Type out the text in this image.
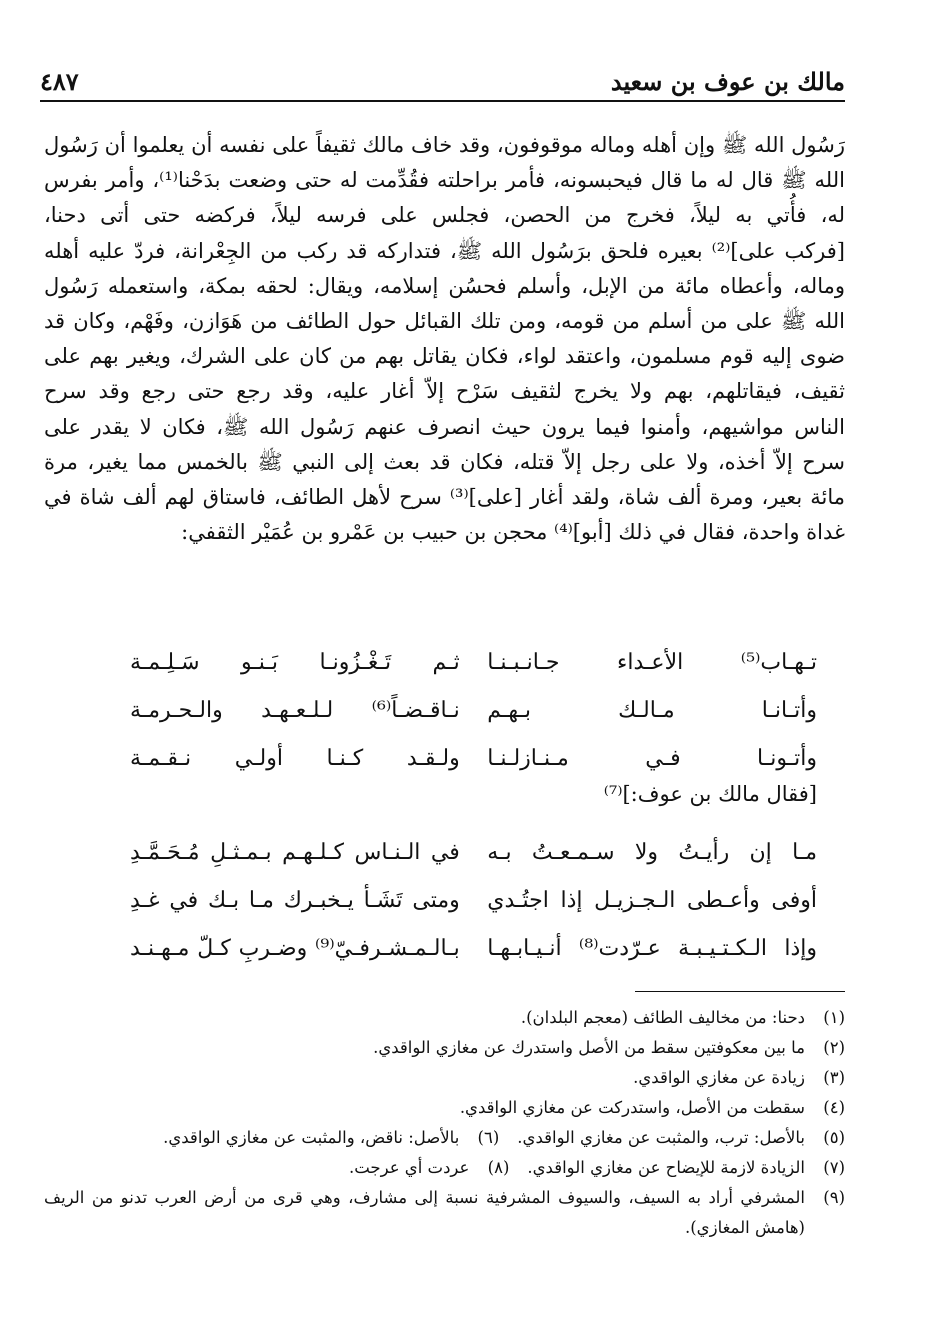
مالك بن عوف بن سعيد
٤٨٧
رَسُول الله ﷺ وإن أهله وماله موقوفون، وقد خاف مالك ثقيفاً على نفسه أن يعلموا أن رَسُول
الله ﷺ قال له ما قال فيحبسونه، فأمر براحلته فقُدِّمت له حتى وضعت بدَحْنا⁽¹⁾، وأمر بفرس
له، فأُتي به ليلاً، فخرج من الحصن، فجلس على فرسه ليلاً، فركضه حتى أتى دحنا،
[فركب على]⁽²⁾ بعيره فلحق برَسُول الله ﷺ، فتداركه قد ركب من الجِعْرانة، فردّ عليه أهله
وماله، وأعطاه مائة من الإبل، وأسلم فحسُن إسلامه، ويقال: لحقه بمكة، واستعمله رَسُول
الله ﷺ على من أسلم من قومه، ومن تلك القبائل حول الطائف من هَوَازن، وفَهْم، وكان قد
ضوى إليه قوم مسلمون، واعتقد لواء، فكان يقاتل بهم من كان على الشرك، ويغير بهم على
ثقيف، فيقاتلهم، بهم ولا يخرج لثقيف سَرْح إلاّ أغار عليه، وقد رجع حتى رجع وقد سرح
الناس مواشيهم، وأمنوا فيما يرون حيث انصرف عنهم رَسُول الله ﷺ، فكان لا يقدر على
سرح إلاّ أخذه، ولا على رجل إلاّ قتله، فكان قد بعث إلى النبي ﷺ بالخمس مما يغير، مرة
مائة بعير، ومرة ألف شاة، ولقد أغار [على]⁽³⁾ سرح لأهل الطائف، فاستاق لهم ألف شاة في
غداة واحدة، فقال في ذلك [أبو]⁽⁴⁾ محجن بن حبيب بن عَمْرو بن عُمَيْر الثقفي:
تـهـاب⁽⁵⁾ الأعـداء جـانـبـنـا
ثـم تَـغْـزُونـا بَـنـو سَـلِـمـة
وأتـانـا مـالـك بـهـم
نـاقـضـاً⁽⁶⁾ لـلـعـهـد والـحـرمـة
وأتـونـا فـي مـنـازلـنـا
ولـقـد كـنـا أولـي نـقـمـة
[فقال مالك بن عوف:]⁽⁷⁾
مـا إن رأيـتُ ولا سـمـعـتُ بـه
في الـنـاس كـلـهـم بـمـثـلِ مُـحَـمَّـدِ
أوفى وأعـطى الـجـزيـل إذا اجتُـدي
ومتى تَشَـأ يـخبـرك مـا بـك في غـدِ
وإذا الـكـتـيـبـة عـرّدت⁽⁸⁾ أنـيـابـهـا
بـالـمـشـرفـيّ⁽⁹⁾ وضـربِ كـلّ مـهـنـد
(١)
دحنا: من مخاليف الطائف (معجم البلدان).
(٢)
ما بين معكوفتين سقط من الأصل واستدرك عن مغازي الواقدي.
(٣)
زيادة عن مغازي الواقدي.
(٤)
سقطت من الأصل، واستدركت عن مغازي الواقدي.
(٥)
بالأصل: ترب، والمثبت عن مغازي الواقدي.
(٦)
بالأصل: ناقض، والمثبت عن مغازي الواقدي.
(٧)
الزيادة لازمة للإيضاح عن مغازي الواقدي.
(٨)
عردت أي عرجت.
(٩)
المشرفي أراد به السيف، والسيوف المشرفية نسبة إلى مشارف، وهي قرى من أرض العرب تدنو من الريف (هامش المغازي).
